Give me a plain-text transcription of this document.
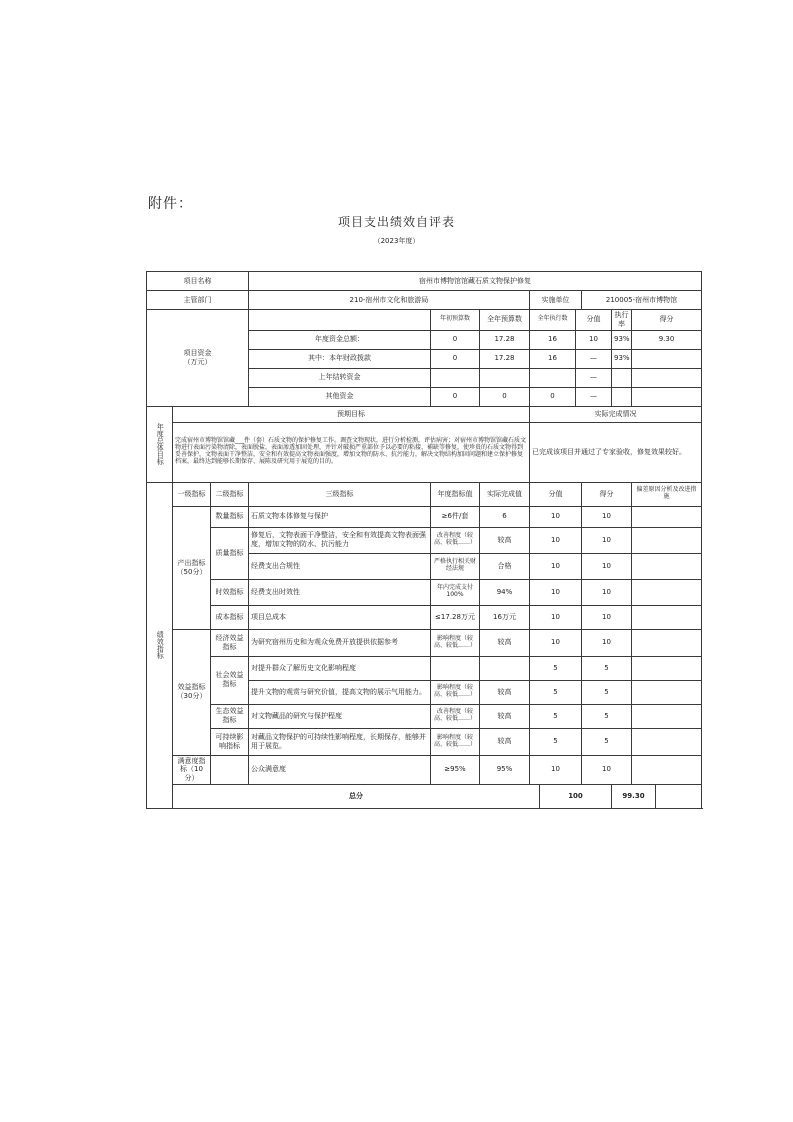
附件：
项目支出绩效自评表
（2023年度）
项目名称			宿州市博物馆馆藏石质文物保护修复									
主管部门			210-宿州市文化和旅游局			实施单位			210005-宿州市博物馆			
项目资金
（万元）				年初预算数	全年预算数	全年执行数		分值		执行率	得分	
			年度资金总额：	0	17.28	16		10		93%	9.30	
			其中：本年财政拨款	0	17.28	16		—		93%		
			上年结转资金					—				
			其他资金	0	0	0		—				

年度总体目标	预期目标					实际完成情况						
	完成宿州市博物馆馆藏___件（套）石质文物的保护修复工作。调查文物现状，进行分析检测，评估病害；对宿州市博物馆馆藏石质文物进行表面污染物清除，表面脱盐，表面渗透加固处理，并针对破损严重部位予以必要的粘接、補缺等修复，使珍贵的石质文物得到妥善保护，文物表面干净整洁，安全和有效提高文物表面强度，增加文物的防水、抗污能力，解决文物结构加固问题和建立保护修复档案，最终达到能够长期保存、展陈及研究用于展览的目的。					已完成该项目并通过了专家验收，修复效果较好。						

绩效指标	一级指标	二级指标	三级指标	年度指标值	实际完成值	分值			得分		偏差原因分析及改进措施	
	产出指标
（50分）	数量指标	石质文物本体修复与保护	≥6件/套	6	10			10			
		质量指标	修复后，文物表面干净整洁，安全和有效提高文物表面强度，增加文物的防水、抗污能力	改善程度（较高、较低……）	较高	10			10			
			经费支出合规性	严格执行相关财经法规	合格	10			10			
		时效指标	经费支出时效性	年内完成支付100%	94%	10			10			
		成本指标	项目总成本	≤17.28万元	16万元	10			10			
	效益指标
（30分）	经济效益指标	为研究宿州历史和为观众免费开放提供依据参考	影响程度（较高、较低……）	较高	10			10			
		社会效益指标	对提升群众了解历史文化影响程度			5			5			
			提升文物的观赏与研究价值，提高文物的展示气用能力。	影响程度（较高、较低……）	较高	5			5			
		生态效益指标	对文物藏品的研究与保护程度	改善程度（较高、较低……）	较高	5			5			
		可持续影响指标	对藏品文物保护的可持续性影响程度，长期保存，能够并用于展览。	影响程度（较高、较低……）	较高	5			5			
	满意度指标（10分）		公众满意度	≥95%	95%	10			10			
	总分						100			99.30		
